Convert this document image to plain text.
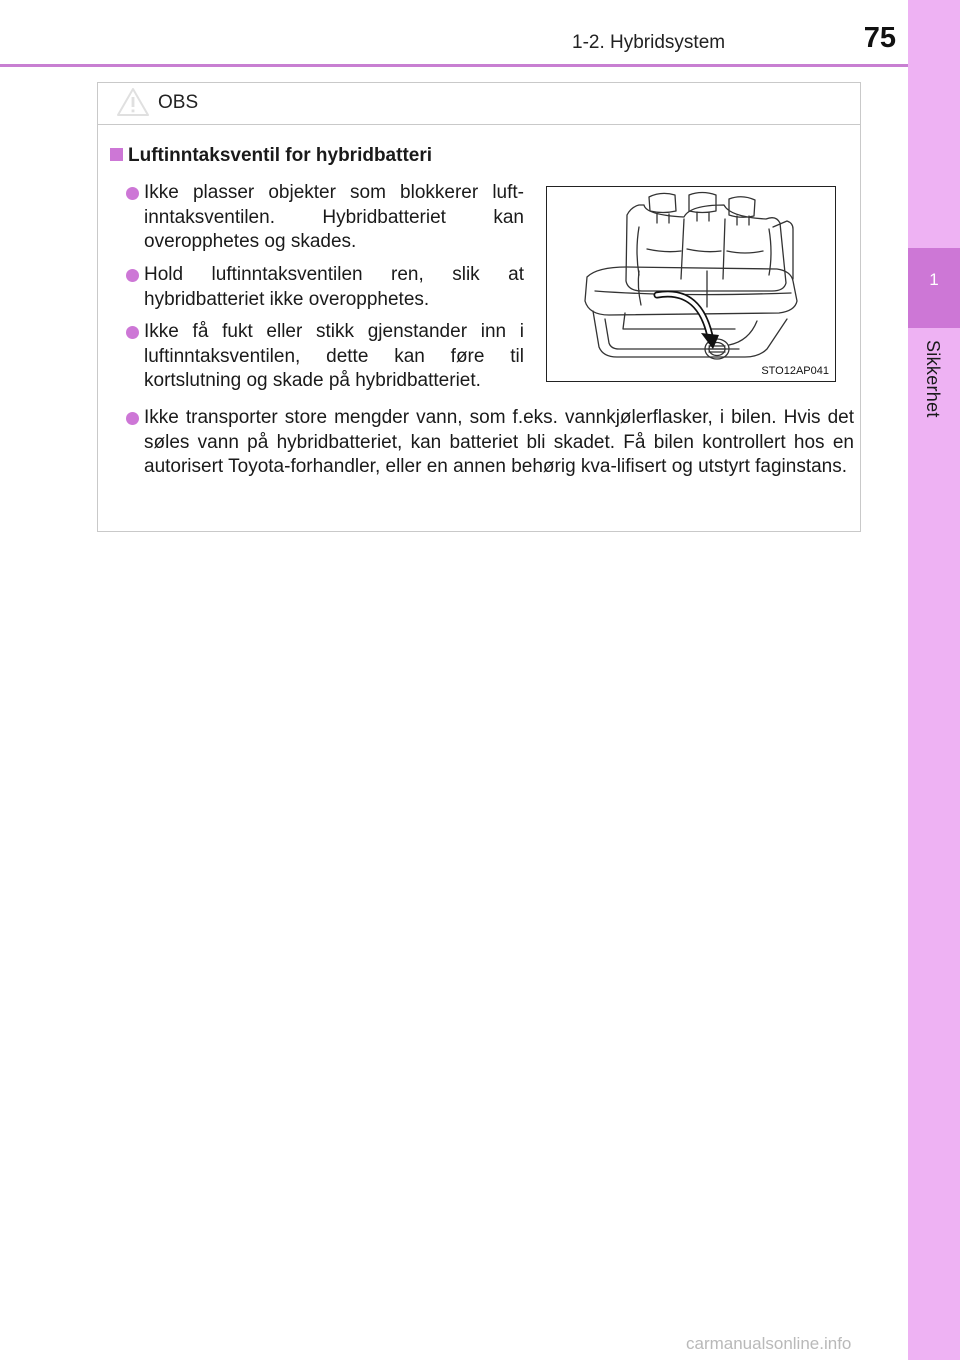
1-2. Hybridsystem	75
1
Sikkerhet
OBS
Luftinntaksventil for hybridbatteri
Ikke plasser objekter som blokkerer luft-inntaksventilen. Hybridbatteriet kan overopphetes og skades.
Hold luftinntaksventilen ren, slik at hybridbatteriet ikke overopphetes.
Ikke få fukt eller stikk gjenstander inn i luftinntaksventilen, dette kan føre til kortslutning og skade på hybridbatteriet.	STO12AP041
Ikke transporter store mengder vann, som f.eks. vannkjølerflasker, i bilen. Hvis det søles vann på hybridbatteriet, kan batteriet bli skadet. Få bilen kontrollert hos en autorisert Toyota-forhandler, eller en annen behørig kva-lifisert og utstyrt faginstans.
carmanualsonline.info
